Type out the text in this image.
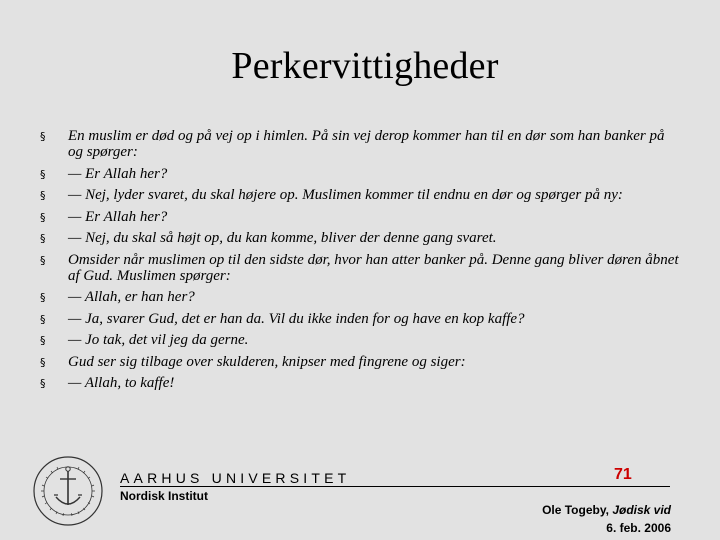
Perkervittigheder
§ En muslim er død og på vej op i himlen. På sin vej derop kommer han til en dør som han banker på og spørger:
§ — Er Allah her?
§ — Nej, lyder svaret, du skal højere op. Muslimen kommer til endnu en dør og spørger på ny:
§ — Er Allah her?
§ — Nej, du skal så højt op, du kan komme, bliver der denne gang svaret.
§ Omsider når muslimen op til den sidste dør, hvor han atter banker på. Denne gang bliver døren åbnet af Gud. Muslimen spørger:
§ — Allah, er han her?
§ — Ja, svarer Gud, det er han da. Vil du ikke inden for og have en kop kaffe?
§ — Jo tak, det vil jeg da gerne.
§ Gud ser sig tilbage over skulderen, knipser med fingrene og siger:
§ — Allah, to kaffe!
AARHUS UNIVERSITET
Nordisk Institut
71
Ole Togeby, Jødisk vid
6. feb. 2006
